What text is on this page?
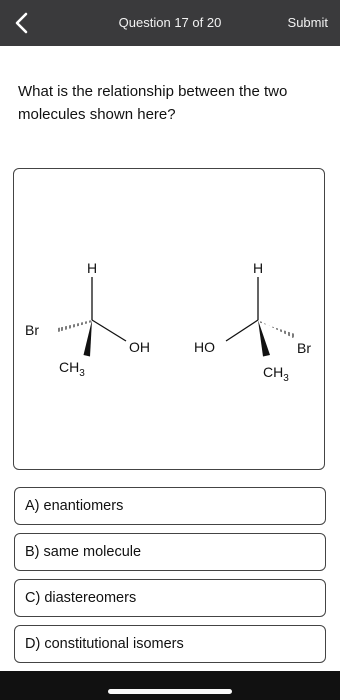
Question 17 of 20	Submit
What is the relationship between the two molecules shown here?
H
Br
OH
$CH_3$
H
Br
HO
$CH_3$
A) enantiomers
B) same molecule
C) diastereomers
D) constitutional isomers
